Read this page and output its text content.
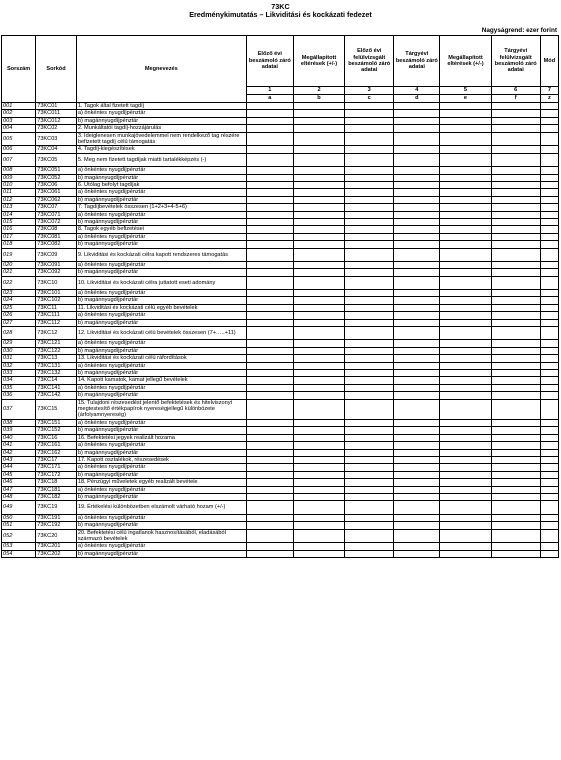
73KC
Eredménykimutatás – Likviditási és kockázati fedezet
Nagyságrend: ezer forint
Sorszám	Sorkód	Megnevezés	Előző évi beszámoló záró adatai	Megállapított eltérések (+/-)	Előző évi felülvizsgált beszámoló záró adatai	Tárgyévi beszámoló záró adatai	Megállapított eltérések (+/-)	Tárgyévi felülvizsgált beszámoló záró adatai	Mód
			1	2	3	4	5	6	7
			a	b	c	d	e	f	z
001	73KC01	1. Tagok által fizetett tagdíj							
002	73KC011	a) önkéntes nyugdíjpénztár							
003	73KC012	b) magánnyugdíjpénztár							
004	73KC02	2. Munkáltatói tagdíj-hozzájárulás							
005	73KC03	3. Ideiglenesen munkajövedelemmel nem rendelkező tag részére befizetett tagdíj célú támogatás							
006	73KC04	4. Tagdíj-kiegészítések							
007	73KC05	5. Meg nem fizetett tagdíjak miatti tartalékképzés (-)							
008	73KC051	a) önkéntes nyugdíjpénztár							
009	73KC052	b) magánnyugdíjpénztár							
010	73KC06	6. Utólag befolyt tagdíjak							
011	73KC061	a) önkéntes nyugdíjpénztár							
012	73KC062	b) magánnyugdíjpénztár							
013	73KC07	7. Tagdíjbevételek összesen (1+2+3+4-5+6)							
014	73KC071	a) önkéntes nyugdíjpénztár							
015	73KC072	b) magánnyugdíjpénztár							
016	73KC08	8. Tagok egyéb befizetései							
017	73KC081	a) önkéntes nyugdíjpénztár							
018	73KC082	b) magánnyugdíjpénztár							
019	73KC09	9. Likviditási és kockázati célra kapott rendszeres támogatás							
020	73KC091	a) önkéntes nyugdíjpénztár							
021	73KC092	b) magánnyugdíjpénztár							
022	73KC10	10. Likviditási és kockázati célra juttatott eseti adomány							
023	73KC101	a) önkéntes nyugdíjpénztár							
024	73KC102	b) magánnyugdíjpénztár							
025	73KC11	11. Likviditási és kockázati célú egyéb bevételek							
026	73KC111	a) önkéntes nyugdíjpénztár							
027	73KC112	b) magánnyugdíjpénztár							
028	73KC12	12. Likviditási és kockázati célú bevételek összesen (7+…..+11)							
029	73KC121	a) önkéntes nyugdíjpénztár							
030	73KC122	b) magánnyugdíjpénztár							
031	73KC13	13. Likviditási és kockázati célú ráfordítások							
032	73KC131	a) önkéntes nyugdíjpénztár							
033	73KC132	b) magánnyugdíjpénztár							
034	73KC14	14. Kapott kamatok, kamat jellegű bevételek							
035	73KC141	a) önkéntes nyugdíjpénztár							
036	73KC142	b) magánnyugdíjpénztár							
037	73KC15	15. Tulajdoni részesedést jelentő befektetések és hitelviszonyt megtestesítő értékpapírok nyereségjellegű különbözete (árfolyamnyereség)							
038	73KC151	a) önkéntes nyugdíjpénztár							
039	73KC152	b) magánnyugdíjpénztár							
040	73KC16	16. Befektetési jegyek realizált hozama							
041	73KC161	a) önkéntes nyugdíjpénztár							
042	73KC162	b) magánnyugdíjpénztár							
043	73KC17	17. Kapott osztalékok, részesedések							
044	73KC171	a) önkéntes nyugdíjpénztár							
045	73KC172	b) magánnyugdíjpénztár							
046	73KC18	18. Pénzügyi műveletek egyéb realizált bevétele							
047	73KC181	a) önkéntes nyugdíjpénztár							
048	73KC182	b) magánnyugdíjpénztár							
049	73KC19	19. Értékelési különbözetben elszámolt várható hozam (+/-)							
050	73KC191	a) önkéntes nyugdíjpénztár							
051	73KC192	b) magánnyugdíjpénztár							
052	73KC20	20. Befektetési célú ingatlanok hasznosításából, eladásából származó bevételek							
053	73KC201	a) önkéntes nyugdíjpénztár							
054	73KC202	b) magánnyugdíjpénztár							
